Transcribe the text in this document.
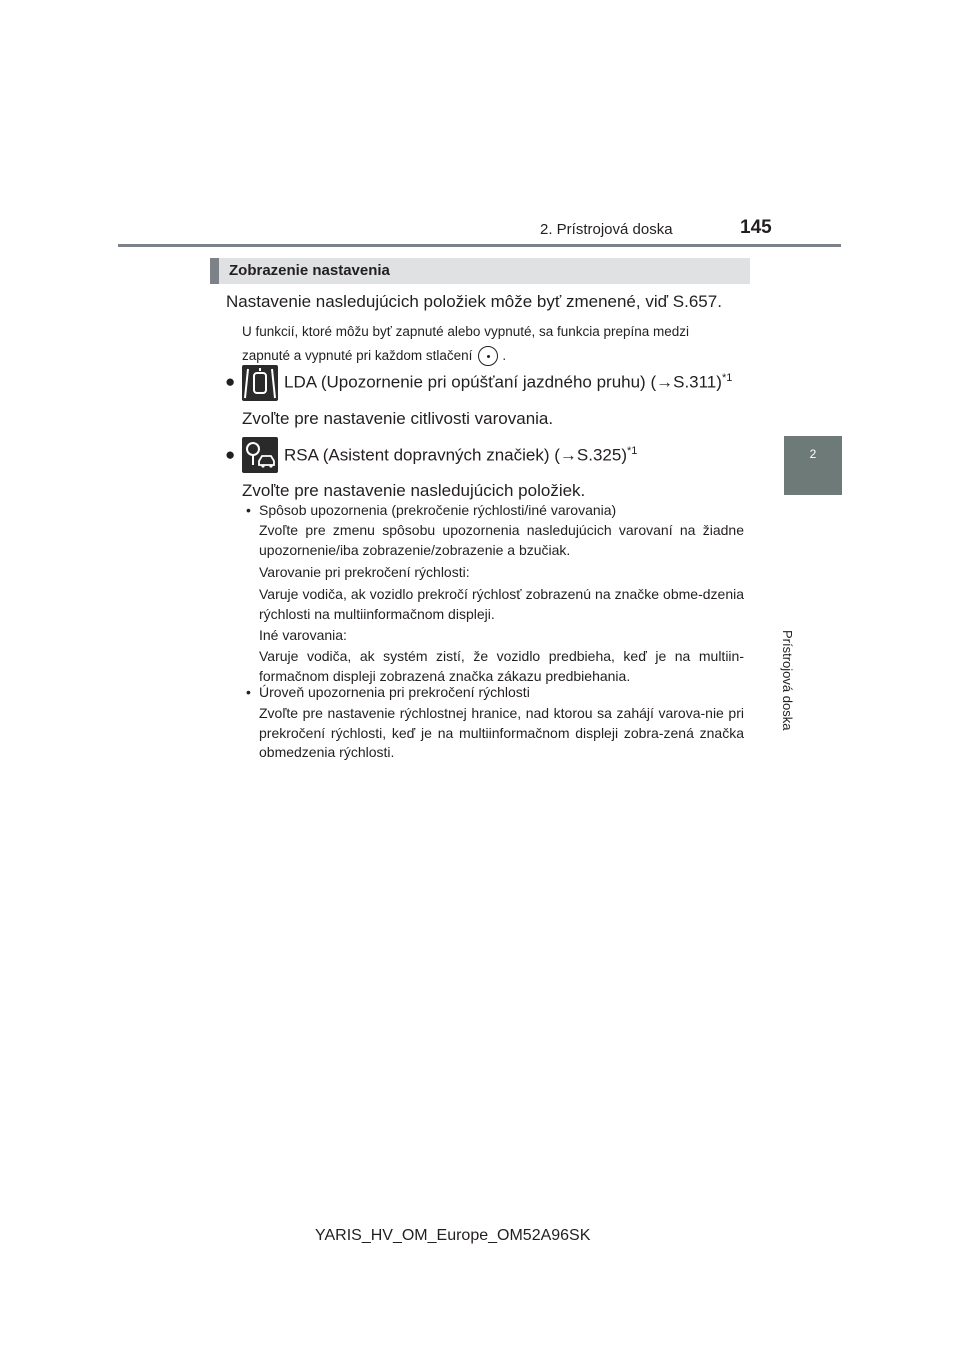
2. Prístrojová doska	145
2
Prístrojová doska
Zobrazenie nastavenia
Nastavenie nasledujúcich položiek môže byť zmenené, viď S.657.
U funkcií, ktoré môžu byť zapnuté alebo vypnuté, sa funkcia prepína medzi
zapnuté a vypnuté pri každom stlačení .
●	LDA (Upozornenie pri opúšťaní jazdného pruhu) $(\to S.311)^{*1}$
Zvoľte pre nastavenie citlivosti varovania.
●	RSA (Asistent dopravných značiek) $(\to S.325)^{*1}$
Zvoľte pre nastavenie nasledujúcich položiek.
• Spôsob upozornenia (prekročenie rýchlosti/iné varovania)
Zvoľte pre zmenu spôsobu upozornenia nasledujúcich varovaní na žiadne upozornenie/iba zobrazenie/zobrazenie a bzučiak.
Varovanie pri prekročení rýchlosti:
Varuje vodiča, ak vozidlo prekročí rýchlosť zobrazenú na značke obme-dzenia rýchlosti na multiinformačnom displeji.
Iné varovania:
Varuje vodiča, ak systém zistí, že vozidlo predbieha, keď je na multiin-formačnom displeji zobrazená značka zákazu predbiehania.
• Úroveň upozornenia pri prekročení rýchlosti
Zvoľte pre nastavenie rýchlostnej hranice, nad ktorou sa zahájí varova-nie pri prekročení rýchlosti, keď je na multiinformačnom displeji zobra-zená značka obmedzenia rýchlosti.
YARIS_HV_OM_Europe_OM52A96SK
